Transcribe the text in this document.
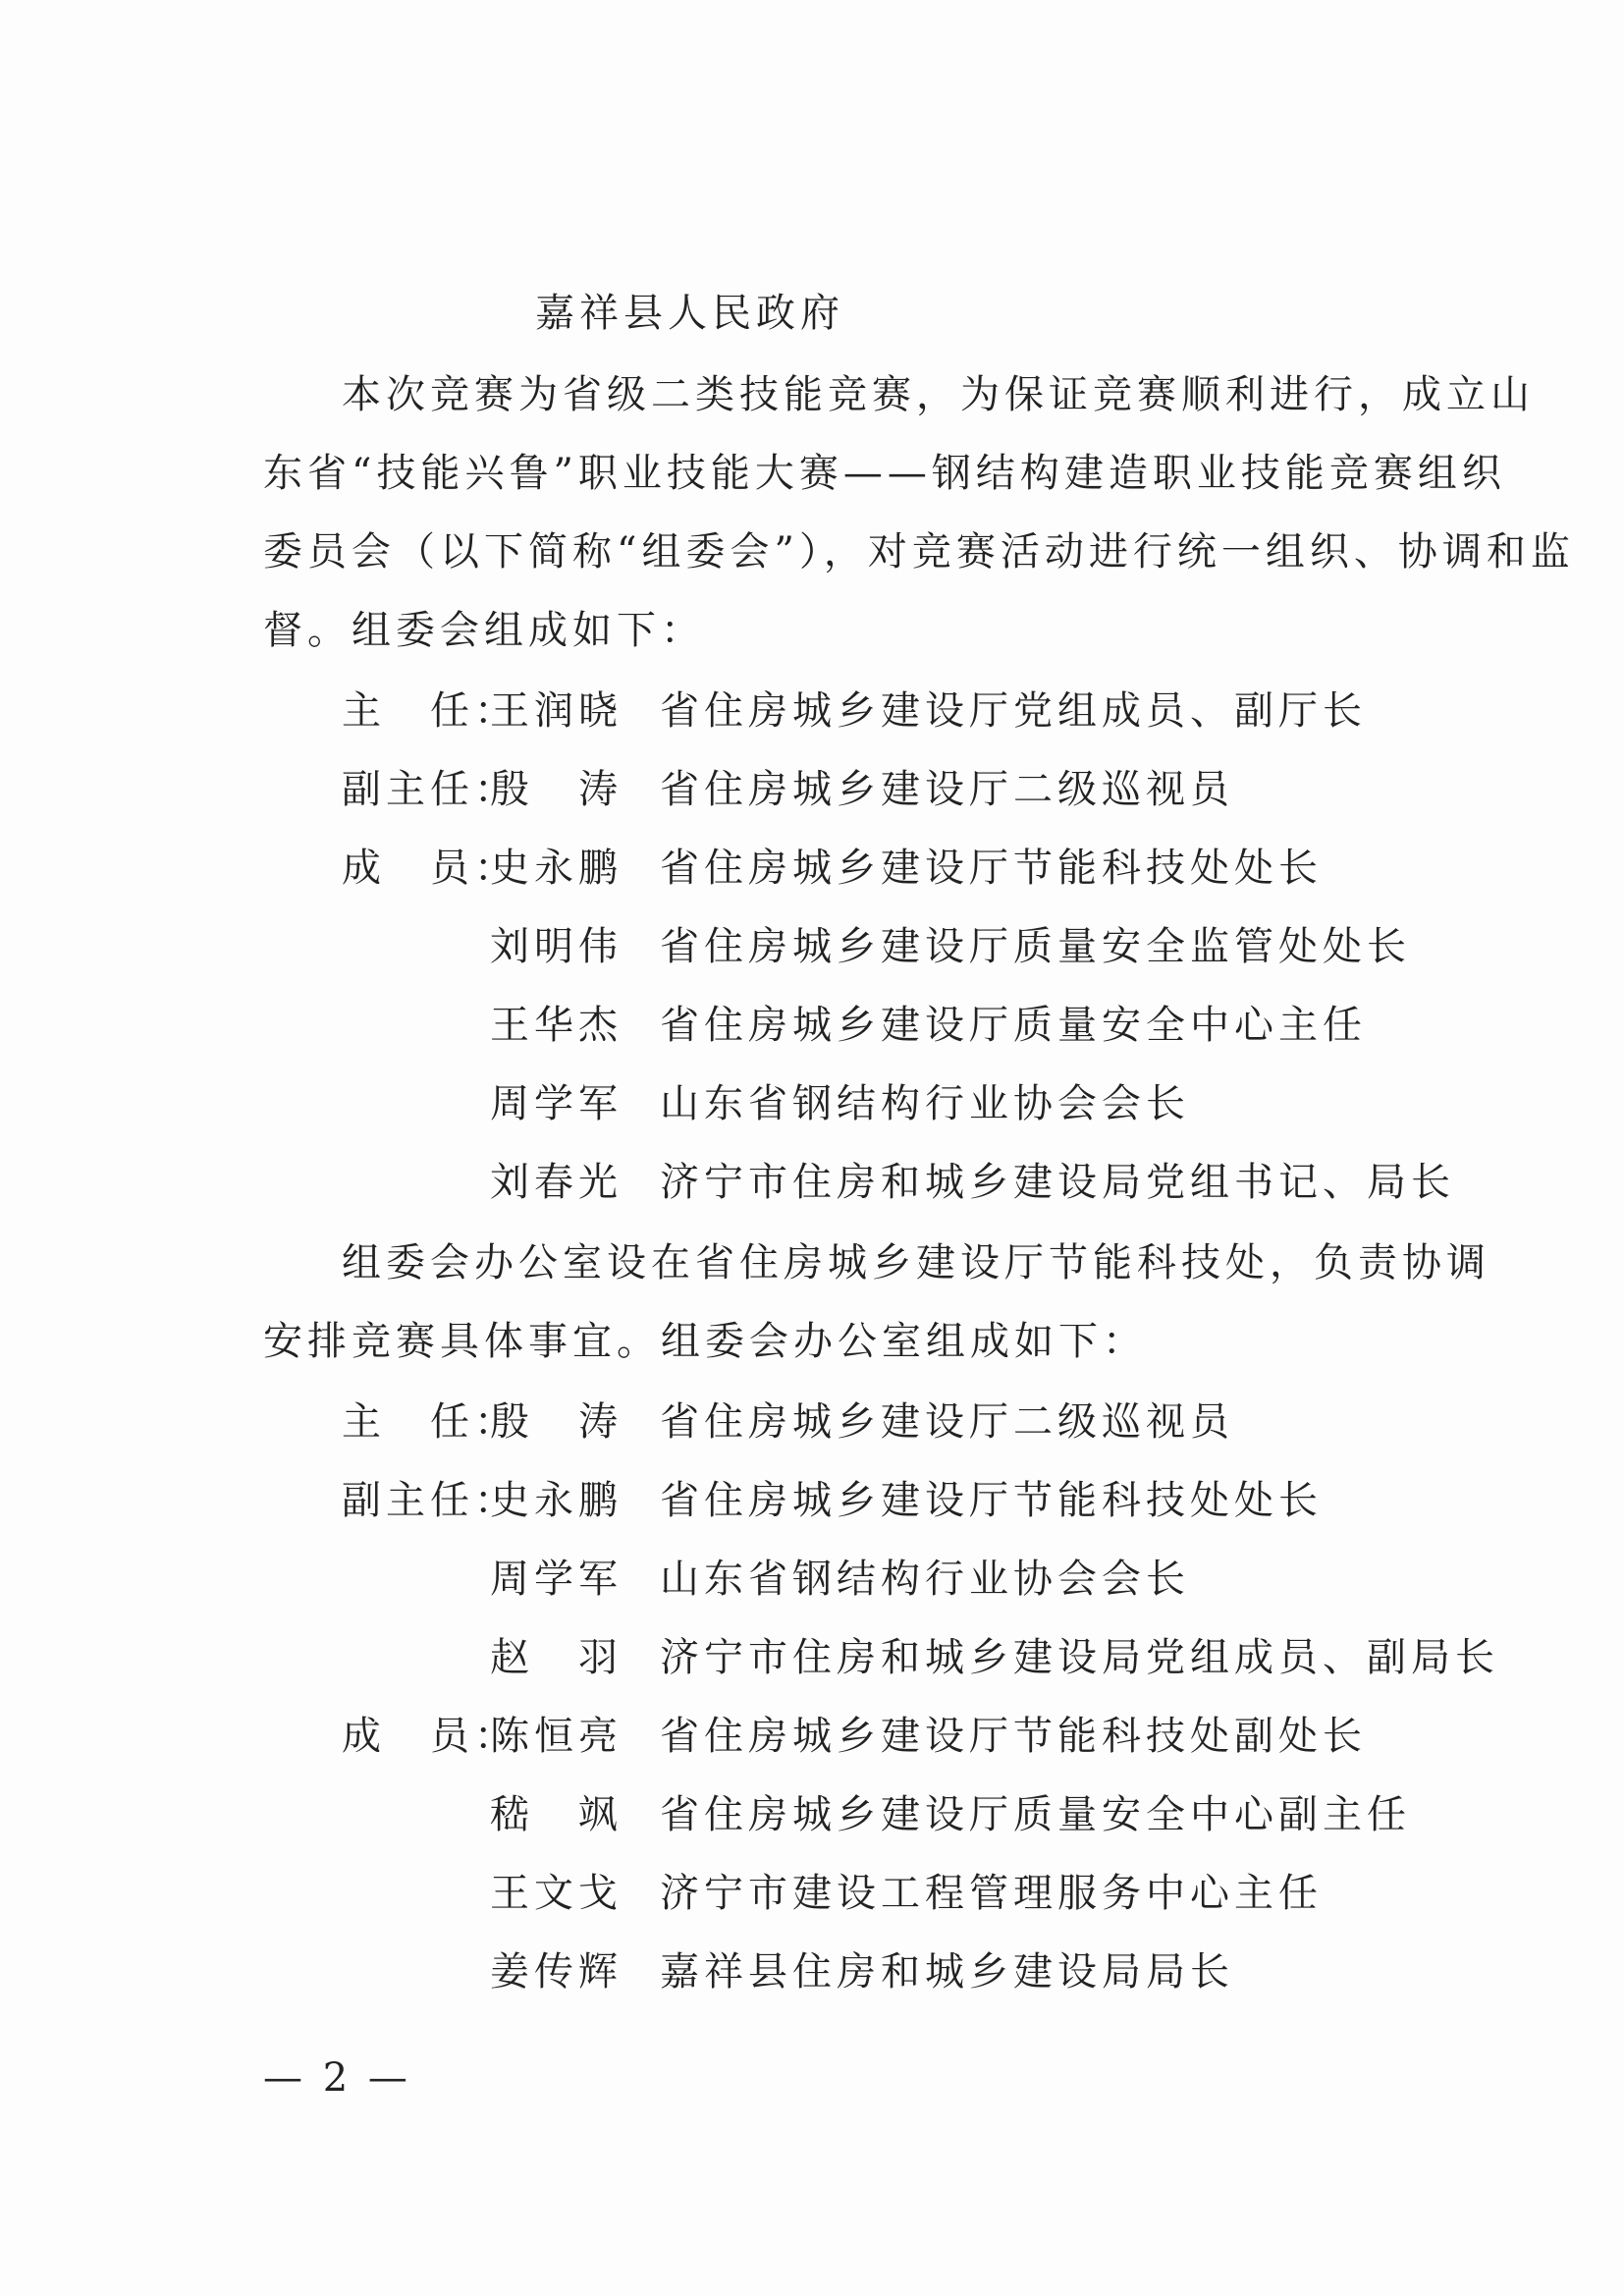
嘉祥县人民政府
本次竞赛为省级二类技能竞赛，为保证竞赛顺利进行，成立山
东省“技能兴鲁”职业技能大赛——钢结构建造职业技能竞赛组织
委员会（以下简称“组委会”），对竞赛活动进行统一组织、协调和监
督。组委会组成如下：
主　任：
王润晓 省住房城乡建设厅党组成员、副厅长
副主任：
殷　涛 省住房城乡建设厅二级巡视员
成　员：
史永鹏 省住房城乡建设厅节能科技处处长
刘明伟 省住房城乡建设厅质量安全监管处处长
王华杰 省住房城乡建设厅质量安全中心主任
周学军 山东省钢结构行业协会会长
刘春光 济宁市住房和城乡建设局党组书记、局长
组委会办公室设在省住房城乡建设厅节能科技处，负责协调
安排竞赛具体事宜。组委会办公室组成如下：
主　任：
殷　涛 省住房城乡建设厅二级巡视员
副主任：
史永鹏 省住房城乡建设厅节能科技处处长
周学军 山东省钢结构行业协会会长
赵　羽 济宁市住房和城乡建设局党组成员、副局长
成　员：
陈恒亮 省住房城乡建设厅节能科技处副处长
嵇　飒 省住房城乡建设厅质量安全中心副主任
王文戈 济宁市建设工程管理服务中心主任
姜传辉 嘉祥县住房和城乡建设局局长
— 2 —
